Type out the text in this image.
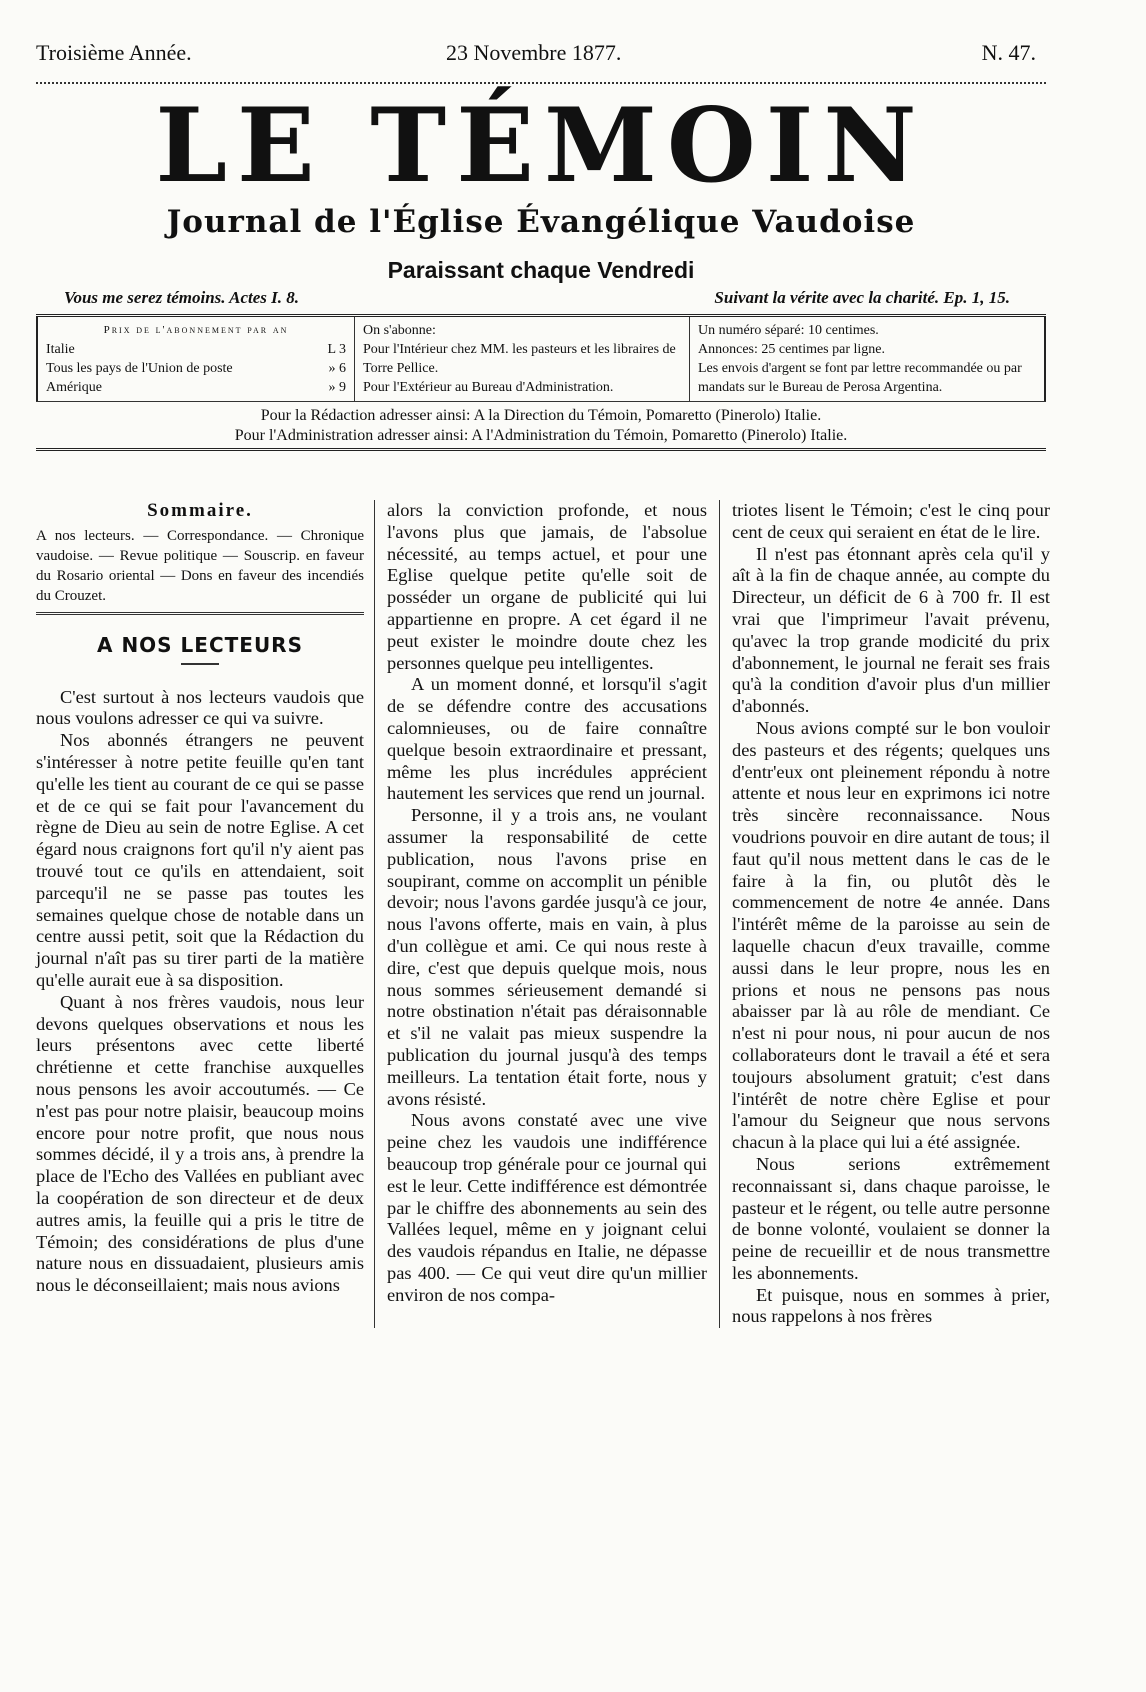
Troisième Année.	23 Novembre 1877.	N. 47.
LE TÉMOIN
Journal de l'Église Évangélique Vaudoise
Paraissant chaque Vendredi
Vous me serez témoins. Actes I. 8.	Suivant la vérite avec la charité. Ep. 1, 15.
Prix de l'abonnement par an
Italie	L 3
Tous les pays de l'Union de poste	» 6
Amérique	» 9
On s'abonne:
Pour l'Intérieur chez MM. les pasteurs et les libraires de Torre Pellice.
Pour l'Extérieur au Bureau d'Administration.
Un numéro séparé: 10 centimes.
Annonces: 25 centimes par ligne.
Les envois d'argent se font par lettre recommandée ou par mandats sur le Bureau de Perosa Argentina.
Pour la Rédaction adresser ainsi: A la Direction du Témoin, Pomaretto (Pinerolo) Italie.
Pour l'Administration adresser ainsi: A l'Administration du Témoin, Pomaretto (Pinerolo) Italie.
Sommaire.
A nos lecteurs. — Correspondance. — Chronique vaudoise. — Revue politique — Souscrip. en faveur du Rosario oriental — Dons en faveur des incendiés du Crouzet.
A NOS LECTEURS

C'est surtout à nos lecteurs vaudois que nous voulons adresser ce qui va suivre.

Nos abonnés étrangers ne peuvent s'intéresser à notre petite feuille qu'en tant qu'elle les tient au courant de ce qui se passe et de ce qui se fait pour l'avancement du règne de Dieu au sein de notre Eglise. A cet égard nous craignons fort qu'il n'y aient pas trouvé tout ce qu'ils en attendaient, soit parcequ'il ne se passe pas toutes les semaines quelque chose de notable dans un centre aussi petit, soit que la Rédaction du journal n'aît pas su tirer parti de la matière qu'elle aurait eue à sa disposition.

Quant à nos frères vaudois, nous leur devons quelques observations et nous les leurs présentons avec cette liberté chrétienne et cette franchise auxquelles nous pensons les avoir accoutumés. — Ce n'est pas pour notre plaisir, beaucoup moins encore pour notre profit, que nous nous sommes décidé, il y a trois ans, à prendre la place de l'Echo des Vallées en publiant avec la coopération de son directeur et de deux autres amis, la feuille qui a pris le titre de Témoin; des considérations de plus d'une nature nous en dissuadaient, plusieurs amis nous le déconseillaient; mais nous avions

alors la conviction profonde, et nous l'avons plus que jamais, de l'absolue nécessité, au temps actuel, et pour une Eglise quelque petite qu'elle soit de posséder un organe de publicité qui lui appartienne en propre. A cet égard il ne peut exister le moindre doute chez les personnes quelque peu intelligentes.

A un moment donné, et lorsqu'il s'agit de se défendre contre des accusations calomnieuses, ou de faire connaître quelque besoin extraordinaire et pressant, même les plus incrédules apprécient hautement les services que rend un journal.

Personne, il y a trois ans, ne voulant assumer la responsabilité de cette publication, nous l'avons prise en soupirant, comme on accomplit un pénible devoir; nous l'avons gardée jusqu'à ce jour, nous l'avons offerte, mais en vain, à plus d'un collègue et ami. Ce qui nous reste à dire, c'est que depuis quelque mois, nous nous sommes sérieusement demandé si notre obstination n'était pas déraisonnable et s'il ne valait pas mieux suspendre la publication du journal jusqu'à des temps meilleurs. La tentation était forte, nous y avons résisté.

Nous avons constaté avec une vive peine chez les vaudois une indifférence beaucoup trop générale pour ce journal qui est le leur. Cette indifférence est démontrée par le chiffre des abonnements au sein des Vallées lequel, même en y joignant celui des vaudois répandus en Italie, ne dépasse pas 400. — Ce qui veut dire qu'un millier environ de nos compa-

triotes lisent le Témoin; c'est le cinq pour cent de ceux qui seraient en état de le lire.

Il n'est pas étonnant après cela qu'il y aît à la fin de chaque année, au compte du Directeur, un déficit de 6 à 700 fr. Il est vrai que l'imprimeur l'avait prévenu, qu'avec la trop grande modicité du prix d'abonnement, le journal ne ferait ses frais qu'à la condition d'avoir plus d'un millier d'abonnés.

Nous avions compté sur le bon vouloir des pasteurs et des régents; quelques uns d'entr'eux ont pleinement répondu à notre attente et nous leur en exprimons ici notre très sincère reconnaissance. Nous voudrions pouvoir en dire autant de tous; il faut qu'il nous mettent dans le cas de le faire à la fin, ou plutôt dès le commencement de notre 4e année. Dans l'intérêt même de la paroisse au sein de laquelle chacun d'eux travaille, comme aussi dans le leur propre, nous les en prions et nous ne pensons pas nous abaisser par là au rôle de mendiant. Ce n'est ni pour nous, ni pour aucun de nos collaborateurs dont le travail a été et sera toujours absolument gratuit; c'est dans l'intérêt de notre chère Eglise et pour l'amour du Seigneur que nous servons chacun à la place qui lui a été assignée.

Nous serions extrêmement reconnaissant si, dans chaque paroisse, le pasteur et le régent, ou telle autre personne de bonne volonté, voulaient se donner la peine de recueillir et de nous transmettre les abonnements.

Et puisque, nous en sommes à prier, nous rappelons à nos frères
